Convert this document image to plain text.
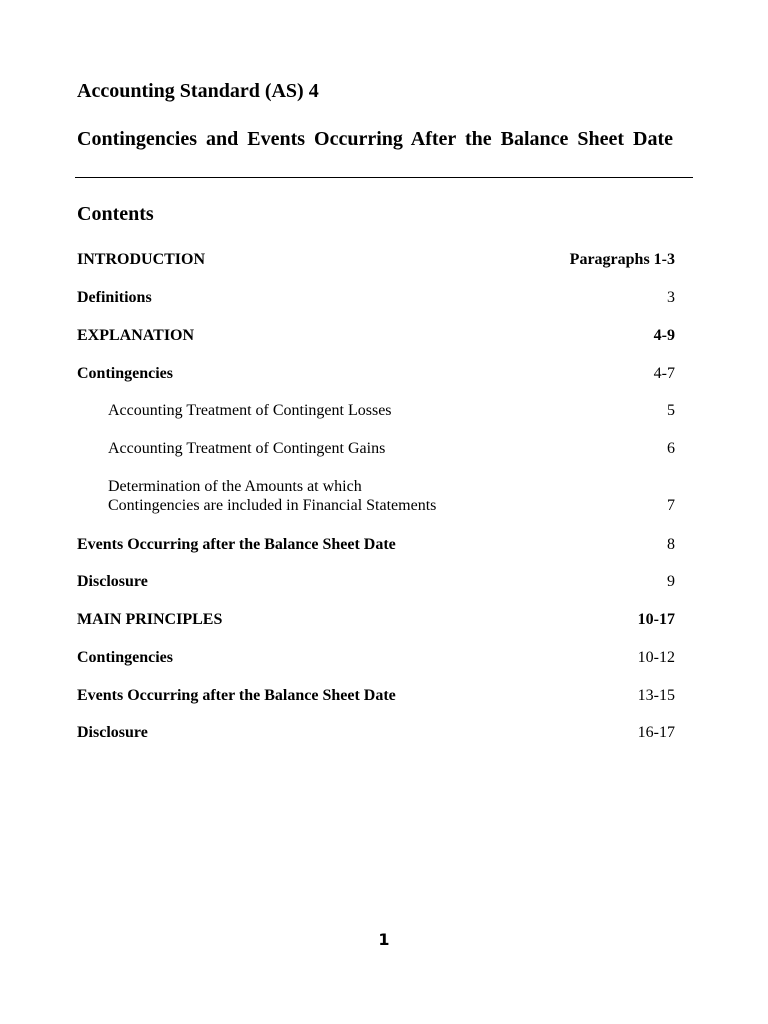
Accounting Standard (AS) 4
Contingencies and Events Occurring After the Balance Sheet Date
Contents
INTRODUCTION	Paragraphs 1-3
Definitions	3
EXPLANATION	4-9
Contingencies	4-7
Accounting Treatment of Contingent Losses	5
Accounting Treatment of Contingent Gains	6
Determination of the Amounts at which
Contingencies are included in Financial Statements	7
Events Occurring after the Balance Sheet Date	8
Disclosure	9
MAIN PRINCIPLES	10-17
Contingencies	10-12
Events Occurring after the Balance Sheet Date	13-15
Disclosure	16-17
1
